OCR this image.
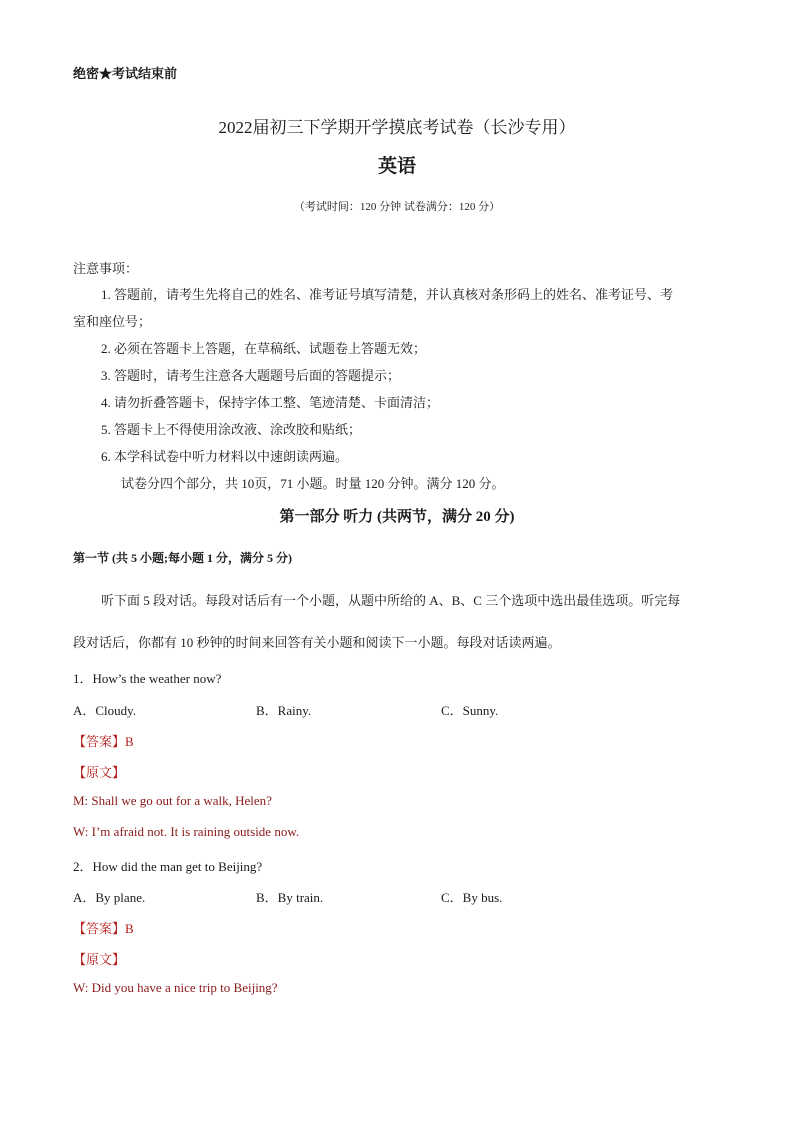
绝密★考试结束前
2022届初三下学期开学摸底考试卷（长沙专用）
英语
（考试时间：120 分钟 试卷满分：120 分）
注意事项：
1. 答题前，请考生先将自己的姓名、准考证号填写清楚，并认真核对条形码上的姓名、准考证号、考
室和座位号；
2. 必须在答题卡上答题，在草稿纸、试题卷上答题无效；
3. 答题时，请考生注意各大题题号后面的答题提示；
4. 请勿折叠答题卡，保持字体工整、笔迹清楚、卡面清洁；
5. 答题卡上不得使用涂改液、涂改胶和贴纸；
6. 本学科试卷中听力材料以中速朗读两遍。
试卷分四个部分，共 10页，71 小题。时量 120 分钟。满分 120 分。
第一部分 听力 (共两节，满分 20 分)
第一节 (共 5 小题;每小题 1 分，满分 5 分)
听下面 5 段对话。每段对话后有一个小题，从题中所给的 A、B、C 三个选项中选出最佳选项。听完每
段对话后，你都有 10 秒钟的时间来回答有关小题和阅读下一小题。每段对话读两遍。
1．How’s the weather now?
A．Cloudy.	B．Rainy.	C．Sunny.
【答案】B
【原文】
M: Shall we go out for a walk, Helen?
W: I’m afraid not. It is raining outside now.
2．How did the man get to Beijing?
A．By plane.	B．By train.	C．By bus.
【答案】B
【原文】
W: Did you have a nice trip to Beijing?
